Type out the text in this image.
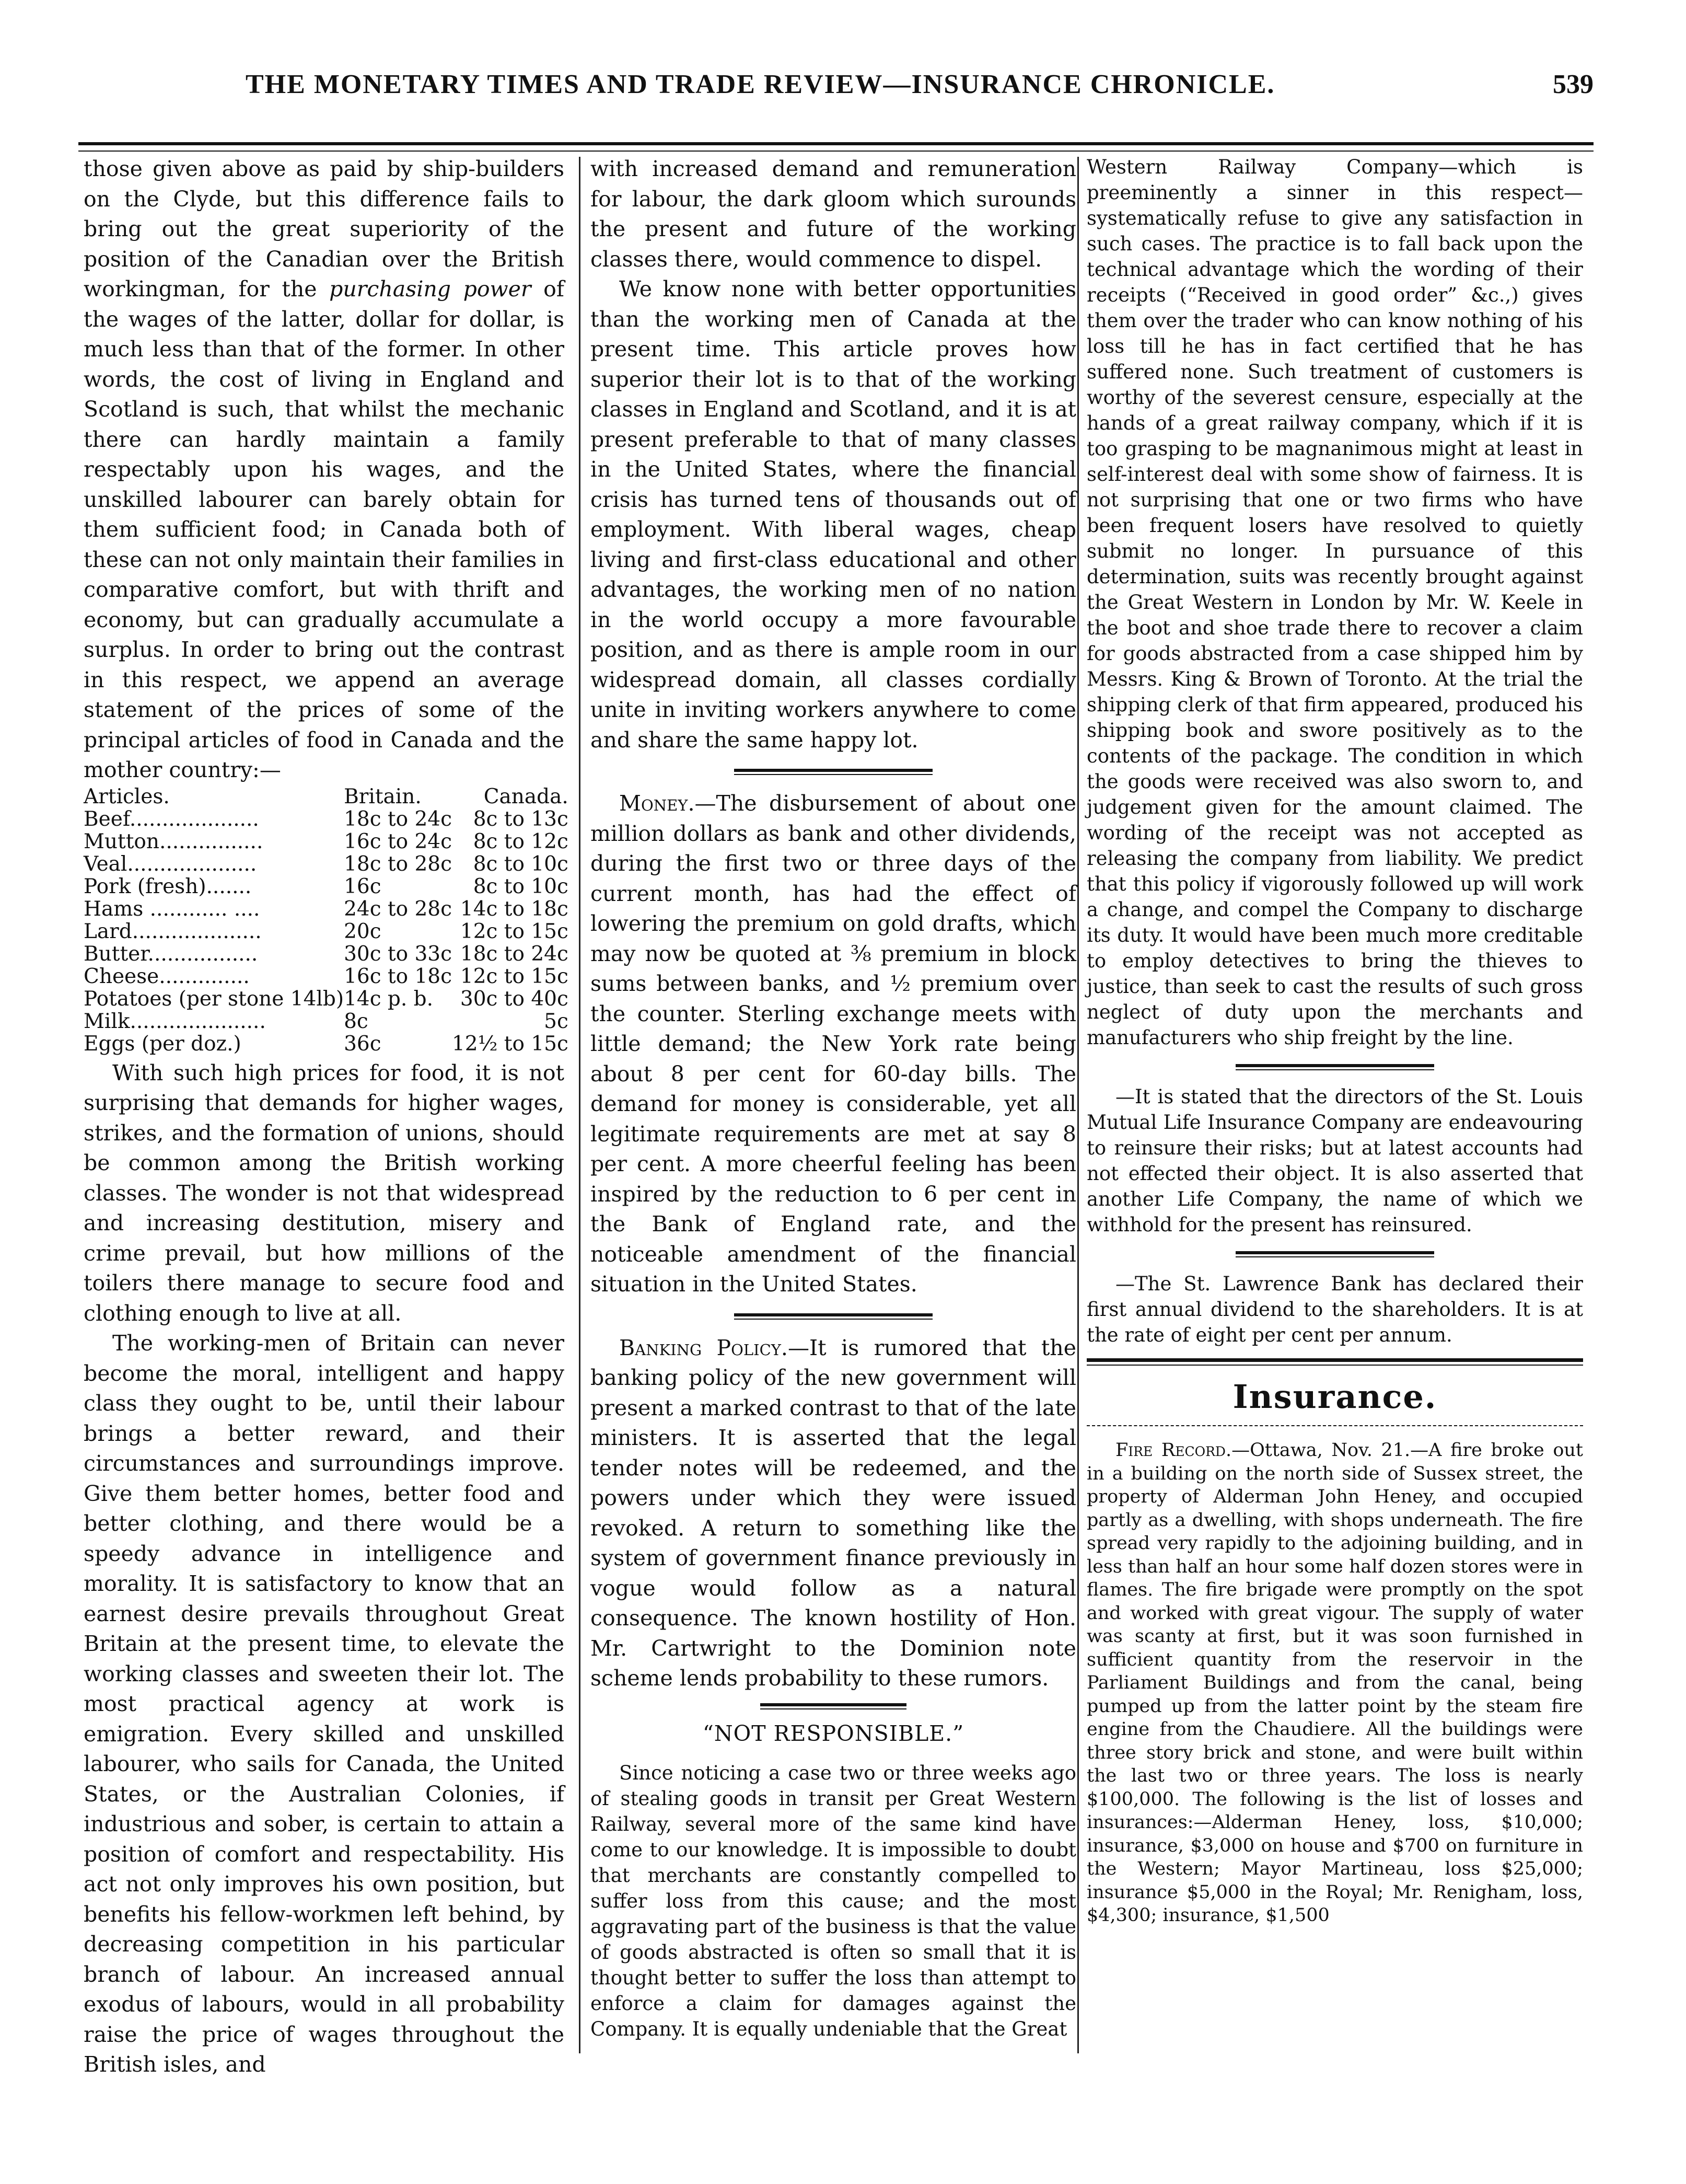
THE MONETARY TIMES AND TRADE REVIEW—INSURANCE CHRONICLE.	539

those given above as paid by ship-builders on the Clyde, but this difference fails to bring out the great superiority of the position of the Canadian over the British workingman, for the purchasing power of the wages of the latter, dollar for dollar, is much less than that of the former. In other words, the cost of living in England and Scotland is such, that whilst the mechanic there can hardly maintain a family respectably upon his wages, and the unskilled labourer can barely obtain for them sufficient food; in Canada both of these can not only maintain their families in comparative comfort, but with thrift and economy, but can gradually accumulate a surplus. In order to bring out the contrast in this respect, we append an average statement of the prices of some of the principal articles of food in Canada and the mother country:—

Articles.	Britain.	Canada.
Beef....................	18c to 24c	8c to 13c
Mutton................	16c to 24c	8c to 12c
Veal....................	18c to 28c	8c to 10c
Pork (fresh).......	16c	8c to 10c
Hams ............ ....	24c to 28c	14c to 18c
Lard....................	20c	12c to 15c
Butter.................	30c to 33c	18c to 24c
Cheese..............	16c to 18c	12c to 15c
Potatoes (per stone 14lb)	14c p. b.	30c to 40c
Milk.....................	8c	5c
Eggs (per doz.)	36c	12½ to 15c

With such high prices for food, it is not surprising that demands for higher wages, strikes, and the formation of unions, should be common among the British working classes. The wonder is not that widespread and increasing destitution, misery and crime prevail, but how millions of the toilers there manage to secure food and clothing enough to live at all.

The working-men of Britain can never become the moral, intelligent and happy class they ought to be, until their labour brings a better reward, and their circumstances and surroundings improve. Give them better homes, better food and better clothing, and there would be a speedy advance in intelligence and morality. It is satisfactory to know that an earnest desire prevails throughout Great Britain at the present time, to elevate the working classes and sweeten their lot. The most practical agency at work is emigration. Every skilled and unskilled labourer, who sails for Canada, the United States, or the Australian Colonies, if industrious and sober, is certain to attain a position of comfort and respectability. His act not only improves his own position, but benefits his fellow-workmen left behind, by decreasing competition in his particular branch of labour. An increased annual exodus of labours, would in all probability raise the price of wages throughout the British isles, and

with increased demand and remuneration for labour, the dark gloom which surounds the present and future of the working classes there, would commence to dispel.

We know none with better opportunities than the working men of Canada at the present time. This article proves how superior their lot is to that of the working classes in England and Scotland, and it is at present preferable to that of many classes in the United States, where the financial crisis has turned tens of thousands out of employment. With liberal wages, cheap living and first-class educational and other advantages, the working men of no nation in the world occupy a more favourable position, and as there is ample room in our widespread domain, all classes cordially unite in inviting workers anywhere to come and share the same happy lot.

Money.—The disbursement of about one million dollars as bank and other dividends, during the first two or three days of the current month, has had the effect of lowering the premium on gold drafts, which may now be quoted at ⅜ premium in block sums between banks, and ½ premium over the counter. Sterling exchange meets with little demand; the New York rate being about 8 per cent for 60-day bills. The demand for money is considerable, yet all legitimate requirements are met at say 8 per cent. A more cheerful feeling has been inspired by the reduction to 6 per cent in the Bank of England rate, and the noticeable amendment of the financial situation in the United States.

Banking Policy.—It is rumored that the banking policy of the new government will present a marked contrast to that of the late ministers. It is asserted that the legal tender notes will be redeemed, and the powers under which they were issued revoked. A return to something like the system of government finance previously in vogue would follow as a natural consequence. The known hostility of Hon. Mr. Cartwright to the Dominion note scheme lends probability to these rumors.

“NOT RESPONSIBLE.”

Since noticing a case two or three weeks ago of stealing goods in transit per Great Western Railway, several more of the same kind have come to our knowledge. It is impossible to doubt that merchants are constantly compelled to suffer loss from this cause; and the most aggravating part of the business is that the value of goods abstracted is often so small that it is thought better to suffer the loss than attempt to enforce a claim for damages against the Company. It is equally undeniable that the Great

Western Railway Company—which is preeminently a sinner in this respect—systematically refuse to give any satisfaction in such cases. The practice is to fall back upon the technical advantage which the wording of their receipts (“Received in good order” &c.,) gives them over the trader who can know nothing of his loss till he has in fact certified that he has suffered none. Such treatment of customers is worthy of the severest censure, especially at the hands of a great railway company, which if it is too grasping to be magnanimous might at least in self-interest deal with some show of fairness. It is not surprising that one or two firms who have been frequent losers have resolved to quietly submit no longer. In pursuance of this determination, suits was recently brought against the Great Western in London by Mr. W. Keele in the boot and shoe trade there to recover a claim for goods abstracted from a case shipped him by Messrs. King & Brown of Toronto. At the trial the shipping clerk of that firm appeared, produced his shipping book and swore positively as to the contents of the package. The condition in which the goods were received was also sworn to, and judgement given for the amount claimed. The wording of the receipt was not accepted as releasing the company from liability. We predict that this policy if vigorously followed up will work a change, and compel the Company to discharge its duty. It would have been much more creditable to employ detectives to bring the thieves to justice, than seek to cast the results of such gross neglect of duty upon the merchants and manufacturers who ship freight by the line.

—It is stated that the directors of the St. Louis Mutual Life Insurance Company are endeavouring to reinsure their risks; but at latest accounts had not effected their object. It is also asserted that another Life Company, the name of which we withhold for the present has reinsured.

—The St. Lawrence Bank has declared their first annual dividend to the shareholders. It is at the rate of eight per cent per annum.

Insurance.

Fire Record.—Ottawa, Nov. 21.—A fire broke out in a building on the north side of Sussex street, the property of Alderman John Heney, and occupied partly as a dwelling, with shops underneath. The fire spread very rapidly to the adjoining building, and in less than half an hour some half dozen stores were in flames. The fire brigade were promptly on the spot and worked with great vigour. The supply of water was scanty at first, but it was soon furnished in sufficient quantity from the reservoir in the Parliament Buildings and from the canal, being pumped up from the latter point by the steam fire engine from the Chaudiere. All the buildings were three story brick and stone, and were built within the last two or three years. The loss is nearly $100,000. The following is the list of losses and insurances:—Alderman Heney, loss, $10,000; insurance, $3,000 on house and $700 on furniture in the Western; Mayor Martineau, loss $25,000; insurance $5,000 in the Royal; Mr. Renigham, loss, $4,300; insurance, $1,500
